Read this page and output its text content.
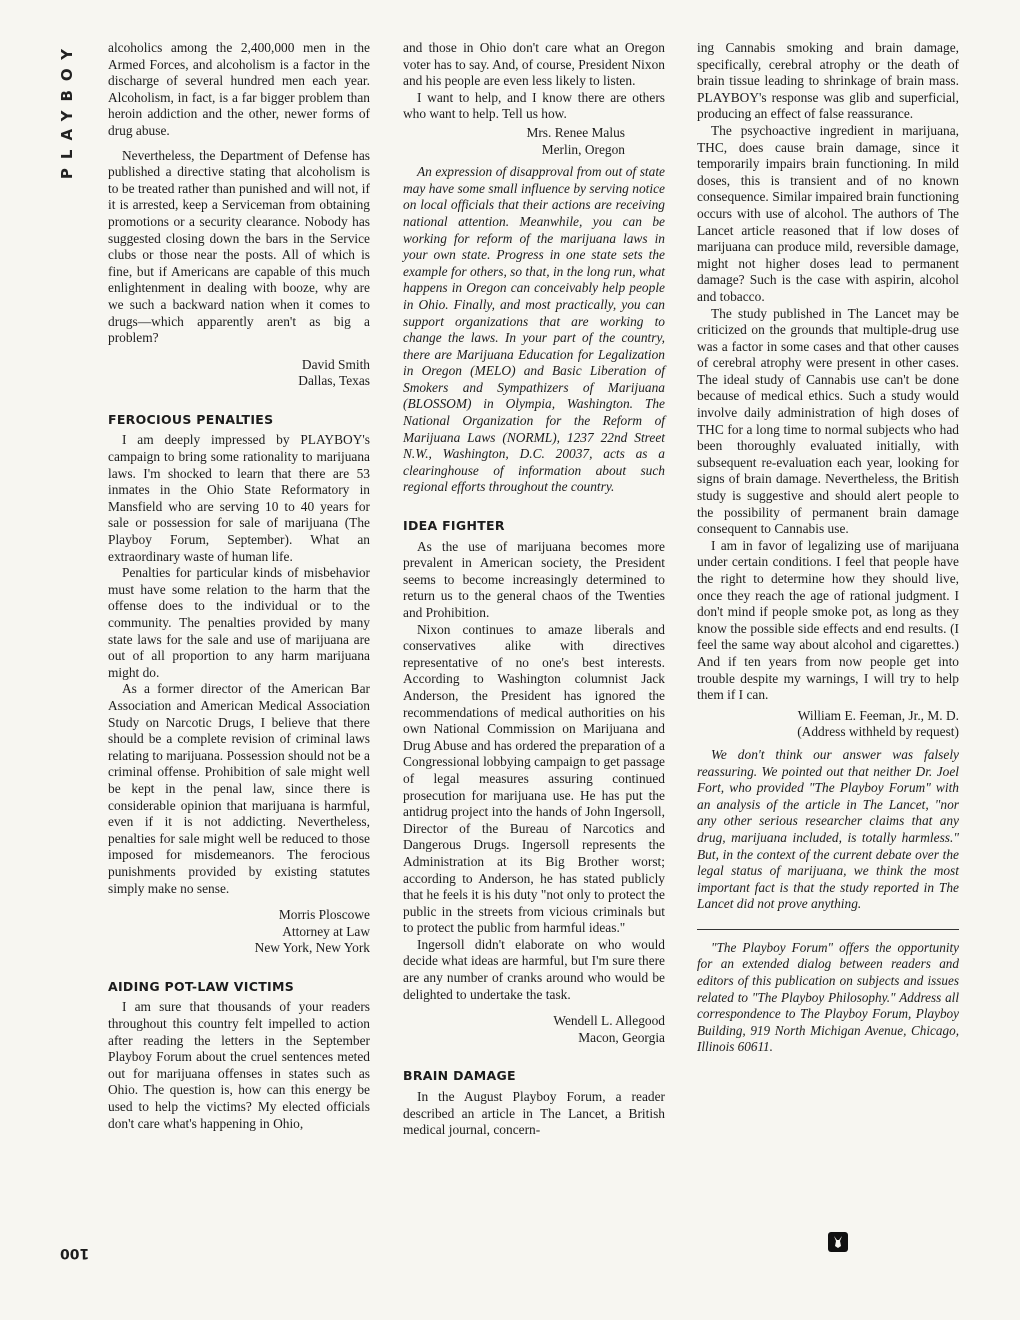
PLAYBOY
100

alcoholics among the 2,400,000 men in the Armed Forces, and alcoholism is a factor in the discharge of several hundred men each year. Alcoholism, in fact, is a far bigger problem than heroin addiction and the other, newer forms of drug abuse.

Nevertheless, the Department of Defense has published a directive stating that alcoholism is to be treated rather than punished and will not, if it is arrested, keep a Serviceman from obtaining promotions or a security clearance. Nobody has suggested closing down the bars in the Service clubs or those near the posts. All of which is fine, but if Americans are capable of this much enlightenment in dealing with booze, why are we such a backward nation when it comes to drugs—which apparently aren't as big a problem?

David Smith

Dallas, Texas

FEROCIOUS PENALTIES

I am deeply impressed by PLAYBOY's campaign to bring some rationality to marijuana laws. I'm shocked to learn that there are 53 inmates in the Ohio State Reformatory in Mansfield who are serving 10 to 40 years for sale or possession for sale of marijuana (The Playboy Forum, September). What an extraordinary waste of human life.

Penalties for particular kinds of misbehavior must have some relation to the harm that the offense does to the individual or to the community. The penalties provided by many state laws for the sale and use of marijuana are out of all proportion to any harm marijuana might do.

As a former director of the American Bar Association and American Medical Association Study on Narcotic Drugs, I believe that there should be a complete revision of criminal laws relating to marijuana. Possession should not be a criminal offense. Prohibition of sale might well be kept in the penal law, since there is considerable opinion that marijuana is harmful, even if it is not addicting. Nevertheless, penalties for sale might well be reduced to those imposed for misdemeanors. The ferocious punishments provided by existing statutes simply make no sense.

Morris Ploscowe

Attorney at Law

New York, New York

AIDING POT-LAW VICTIMS

I am sure that thousands of your readers throughout this country felt impelled to action after reading the letters in the September Playboy Forum about the cruel sentences meted out for marijuana offenses in states such as Ohio. The question is, how can this energy be used to help the victims? My elected officials don't care what's happening in Ohio,

and those in Ohio don't care what an Oregon voter has to say. And, of course, President Nixon and his people are even less likely to listen.

I want to help, and I know there are others who want to help. Tell us how.

Mrs. Renee Malus

Merlin, Oregon

An expression of disapproval from out of state may have some small influence by serving notice on local officials that their actions are receiving national attention. Meanwhile, you can be working for reform of the marijuana laws in your own state. Progress in one state sets the example for others, so that, in the long run, what happens in Oregon can conceivably help people in Ohio. Finally, and most practically, you can support organizations that are working to change the laws. In your part of the country, there are Marijuana Education for Legalization in Oregon (MELO) and Basic Liberation of Smokers and Sympathizers of Marijuana (BLOSSOM) in Olympia, Washington. The National Organization for the Reform of Marijuana Laws (NORML), 1237 22nd Street N.W., Washington, D.C. 20037, acts as a clearinghouse of information about such regional efforts throughout the country.

IDEA FIGHTER

As the use of marijuana becomes more prevalent in American society, the President seems to become increasingly determined to return us to the general chaos of the Twenties and Prohibition.

Nixon continues to amaze liberals and conservatives alike with directives representative of no one's best interests. According to Washington columnist Jack Anderson, the President has ignored the recommendations of medical authorities on his own National Commission on Marijuana and Drug Abuse and has ordered the preparation of a Congressional lobbying campaign to get passage of legal measures assuring continued prosecution for marijuana use. He has put the antidrug project into the hands of John Ingersoll, Director of the Bureau of Narcotics and Dangerous Drugs. Ingersoll represents the Administration at its Big Brother worst; according to Anderson, he has stated publicly that he feels it is his duty "not only to protect the public in the streets from vicious criminals but to protect the public from harmful ideas."

Ingersoll didn't elaborate on who would decide what ideas are harmful, but I'm sure there are any number of cranks around who would be delighted to undertake the task.

Wendell L. Allegood

Macon, Georgia

BRAIN DAMAGE

In the August Playboy Forum, a reader described an article in The Lancet, a British medical journal, concern-

ing Cannabis smoking and brain damage, specifically, cerebral atrophy or the death of brain tissue leading to shrinkage of brain mass. PLAYBOY's response was glib and superficial, producing an effect of false reassurance.

The psychoactive ingredient in marijuana, THC, does cause brain damage, since it temporarily impairs brain functioning. In mild doses, this is transient and of no known consequence. Similar impaired brain functioning occurs with use of alcohol. The authors of The Lancet article reasoned that if low doses of marijuana can produce mild, reversible damage, might not higher doses lead to permanent damage? Such is the case with aspirin, alcohol and tobacco.

The study published in The Lancet may be criticized on the grounds that multiple-drug use was a factor in some cases and that other causes of cerebral atrophy were present in other cases. The ideal study of Cannabis use can't be done because of medical ethics. Such a study would involve daily administration of high doses of THC for a long time to normal subjects who had been thoroughly evaluated initially, with subsequent re-evaluation each year, looking for signs of brain damage. Nevertheless, the British study is suggestive and should alert people to the possibility of permanent brain damage consequent to Cannabis use.

I am in favor of legalizing use of marijuana under certain conditions. I feel that people have the right to determine how they should live, once they reach the age of rational judgment. I don't mind if people smoke pot, as long as they know the possible side effects and end results. (I feel the same way about alcohol and cigarettes.) And if ten years from now people get into trouble despite my warnings, I will try to help them if I can.

William E. Feeman, Jr., M. D.

(Address withheld by request)

We don't think our answer was falsely reassuring. We pointed out that neither Dr. Joel Fort, who provided "The Playboy Forum" with an analysis of the article in The Lancet, "nor any other serious researcher claims that any drug, marijuana included, is totally harmless." But, in the context of the current debate over the legal status of marijuana, we think the most important fact is that the study reported in The Lancet did not prove anything.

"The Playboy Forum" offers the opportunity for an extended dialog between readers and editors of this publication on subjects and issues related to "The Playboy Philosophy." Address all correspondence to The Playboy Forum, Playboy Building, 919 North Michigan Avenue, Chicago, Illinois 60611.
